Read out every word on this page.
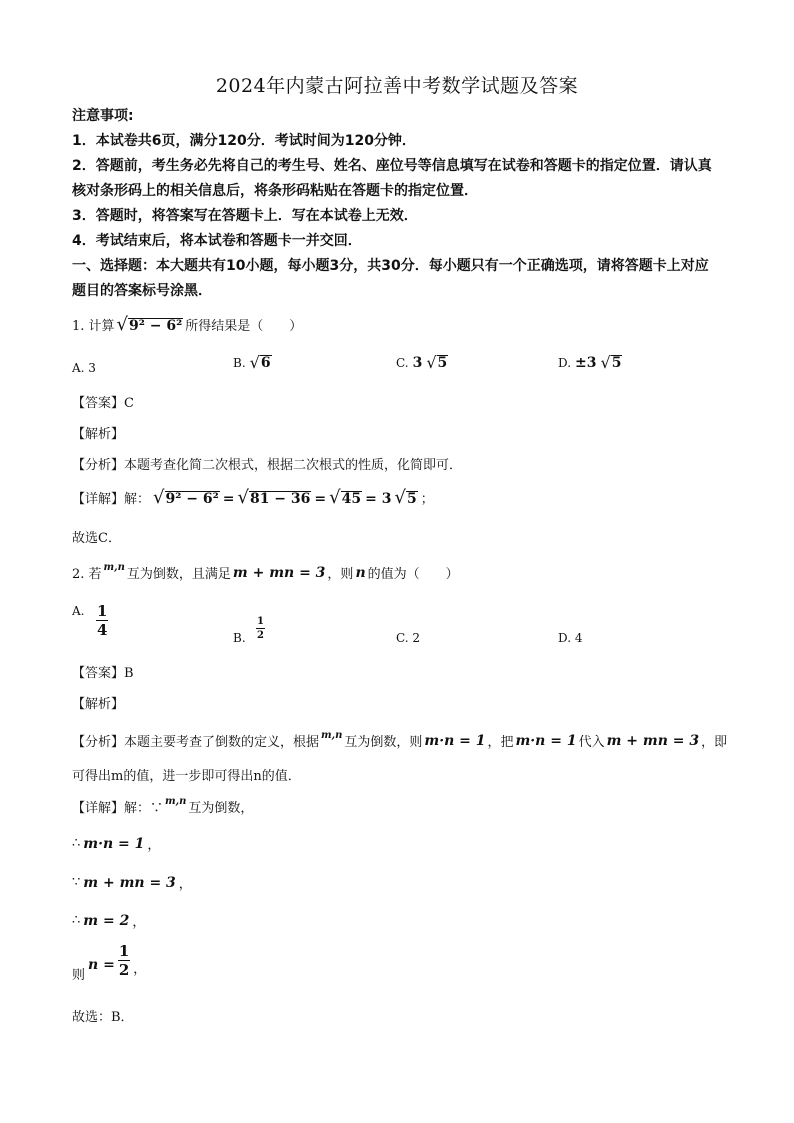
2024年内蒙古阿拉善中考数学试题及答案
注意事项:
1．本试卷共6页，满分120分．考试时间为120分钟．
2．答题前，考生务必先将自己的考生号、姓名、座位号等信息填写在试卷和答题卡的指定位置．请认真
核对条形码上的相关信息后，将条形码粘贴在答题卡的指定位置．
3．答题时，将答案写在答题卡上．写在本试卷上无效．
4．考试结束后，将本试卷和答题卡一并交回．
一、选择题：本大题共有10小题，每小题3分，共30分．每小题只有一个正确选项，请将答题卡上对应
题目的答案标号涂黑．
1. 计算 √ 9² − 6² 所得结果是（　　）
A. 3	B. √ 6	C. 3 √ 5	D. ±3 √ 5
【答案】C
【解析】
【分析】本题考查化简二次根式，根据二次根式的性质，化简即可．
【详解】解： √ 9² − 6² = √ 81 − 36 = √ 45 = 3 √ 5 ；
故选C．
2. 若 m,n 互为倒数，且满足 m + mn = 3 ，则 n 的值为（　　）
A. $\frac{1}{4}$	B. $\frac{1}{2}$	C. 2	D. 4
【答案】B
【解析】
【分析】本题主要考查了倒数的定义，根据 m,n 互为倒数，则 m·n = 1 ，把 m·n = 1 代入 m + mn = 3 ，即
可得出m的值，进一步即可得出n的值．
【详解】解：∵ m,n 互为倒数，
∴ m·n = 1 ，
∵ m + mn = 3 ，
∴ m = 2 ，
则
$n = \frac{1}{2}$ ，
故选：B．
